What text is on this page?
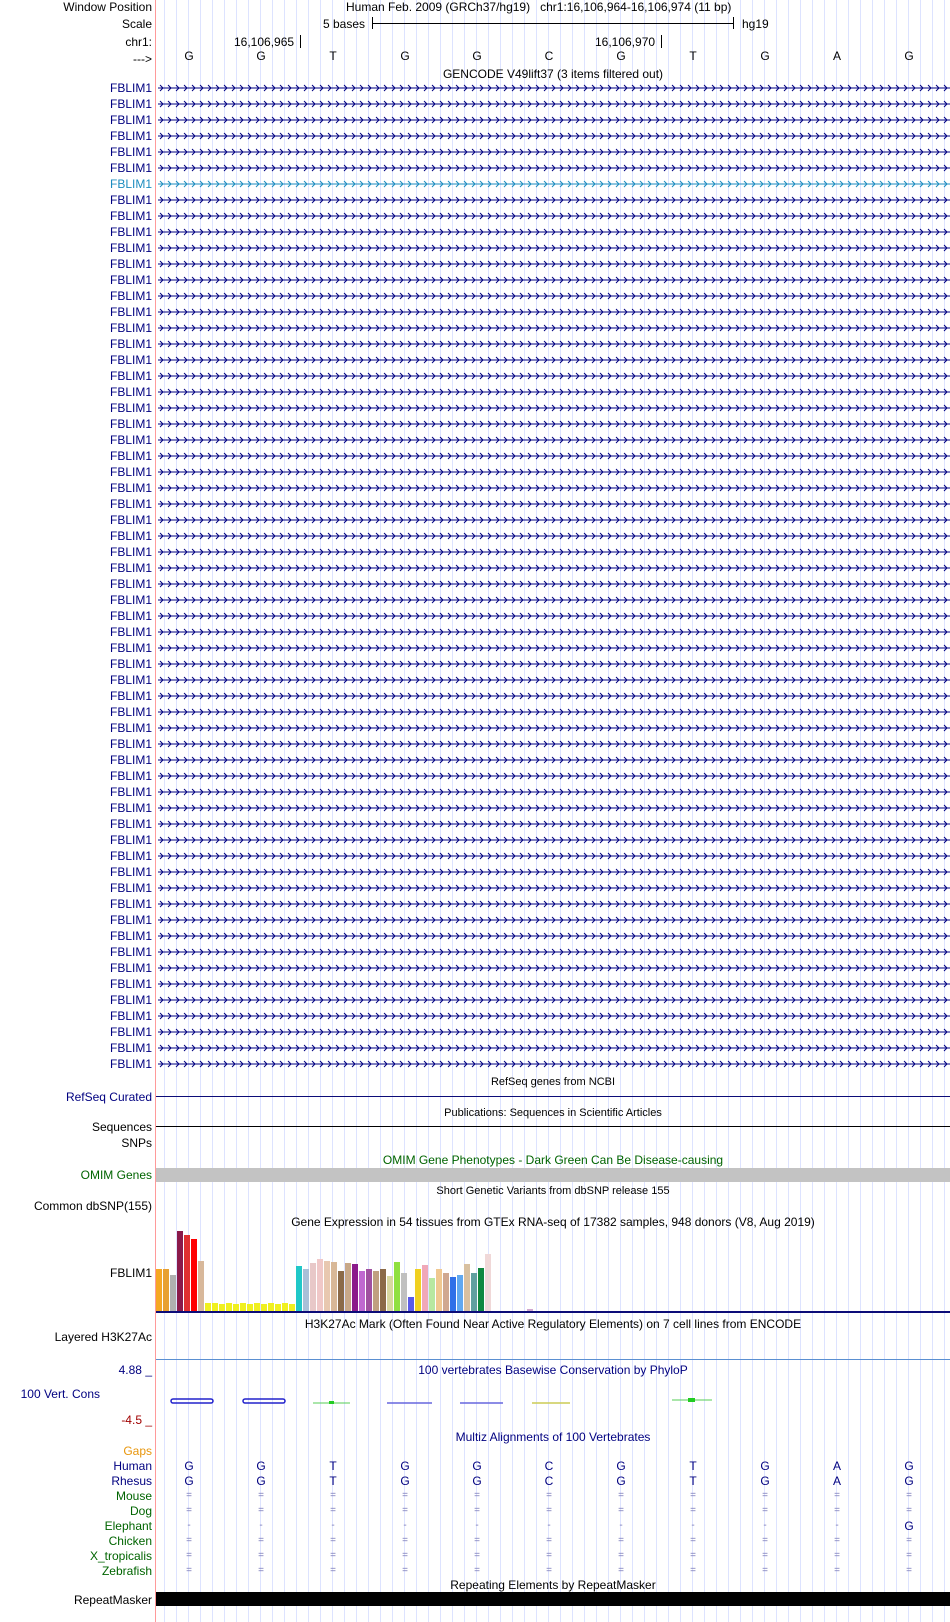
Window Position	Human Feb. 2009 (GRCh37/hg19)   chr1:16,106,964-16,106,974 (11 bp)
Scale	5 bases	hg19
chr1:	16,106,965	16,106,970
--->	G	G	T	G	G	C	G	T	G	A	G
GENCODE V49lift37 (3 items filtered out)
FBLIM1
FBLIM1
FBLIM1
FBLIM1
FBLIM1
FBLIM1
FBLIM1
FBLIM1
FBLIM1
FBLIM1
FBLIM1
FBLIM1
FBLIM1
FBLIM1
FBLIM1
FBLIM1
FBLIM1
FBLIM1
FBLIM1
FBLIM1
FBLIM1
FBLIM1
FBLIM1
FBLIM1
FBLIM1
FBLIM1
FBLIM1
FBLIM1
FBLIM1
FBLIM1
FBLIM1
FBLIM1
FBLIM1
FBLIM1
FBLIM1
FBLIM1
FBLIM1
FBLIM1
FBLIM1
FBLIM1
FBLIM1
FBLIM1
FBLIM1
FBLIM1
FBLIM1
FBLIM1
FBLIM1
FBLIM1
FBLIM1
FBLIM1
FBLIM1
FBLIM1
FBLIM1
FBLIM1
FBLIM1
FBLIM1
FBLIM1
FBLIM1
FBLIM1
FBLIM1
FBLIM1
FBLIM1
RefSeq genes from NCBI
RefSeq Curated
Publications: Sequences in Scientific Articles
Sequences
SNPs
OMIM Gene Phenotypes - Dark Green Can Be Disease-causing
OMIM Genes
Short Genetic Variants from dbSNP release 155
Common dbSNP(155)
Gene Expression in 54 tissues from GTEx RNA-seq of 17382 samples, 948 donors (V8, Aug 2019)
FBLIM1
H3K27Ac Mark (Often Found Near Active Regulatory Elements) on 7 cell lines from ENCODE
Layered H3K27Ac
100 vertebrates Basewise Conservation by PhyloP
4.88 _
100 Vert. Cons
-4.5 _
Multiz Alignments of 100 Vertebrates
Gaps
Human	G	G	T	G	G	C	G	T	G	A	G
Rhesus	G	G	T	G	G	C	G	T	G	A	G
Mouse	=	=	=	=	=	=	=	=	=	=	=
Dog	=	=	=	=	=	=	=	=	=	=	=
Elephant	-	-	-	-	-	-	-	-	-	-	G
Chicken	=	=	=	=	=	=	=	=	=	=	=
X_tropicalis	=	=	=	=	=	=	=	=	=	=	=
Zebrafish	=	=	=	=	=	=	=	=	=	=	=
Repeating Elements by RepeatMasker
RepeatMasker
